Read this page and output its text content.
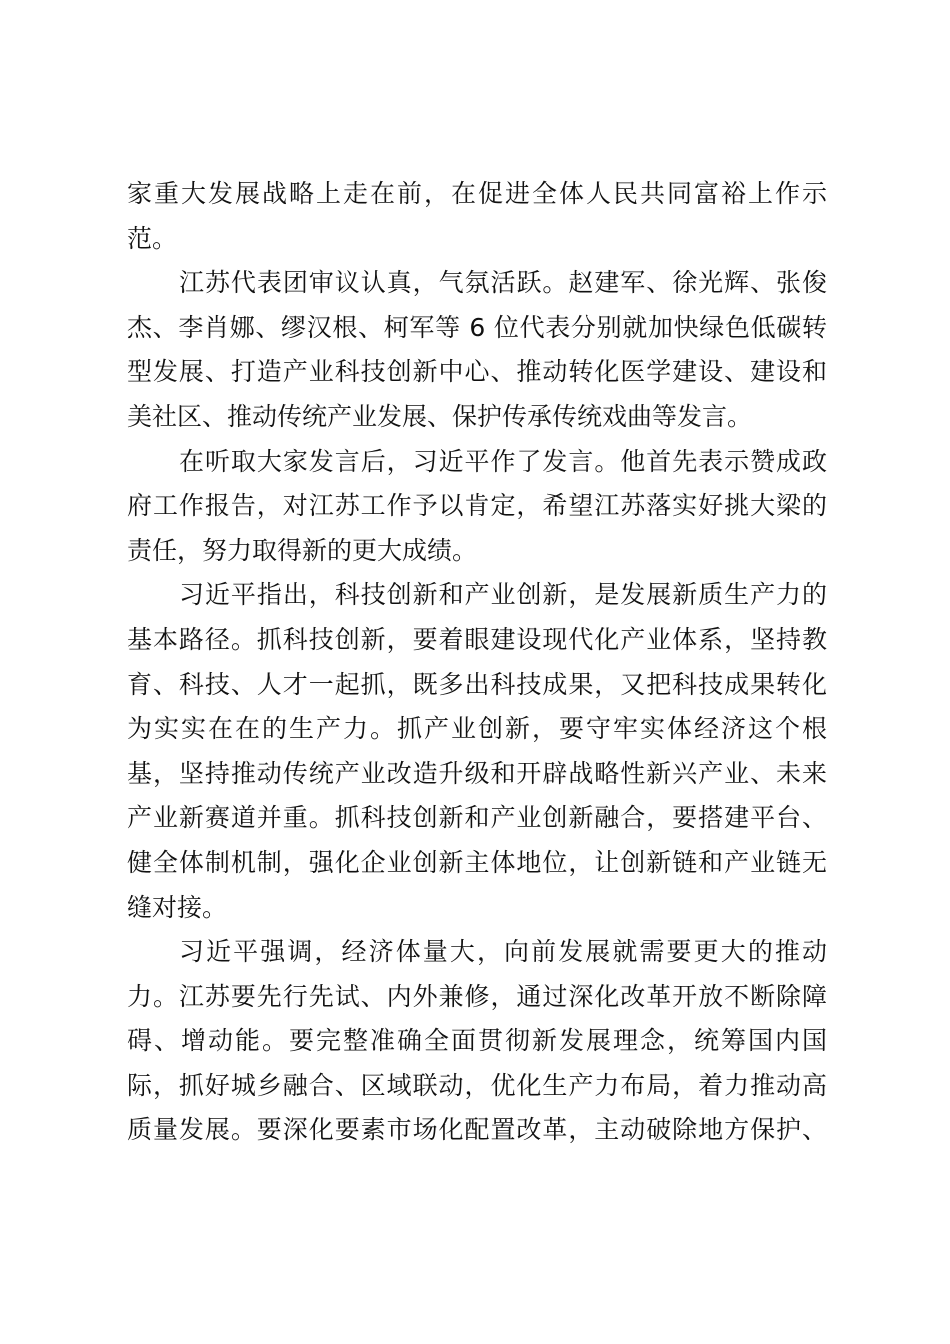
家重大发展战略上走在前，在促进全体人民共同富裕上作示
范。
江苏代表团审议认真，气氛活跃。赵建军、徐光辉、张俊
杰、李肖娜、缪汉根、柯军等 6 位代表分别就加快绿色低碳转
型发展、打造产业科技创新中心、推动转化医学建设、建设和
美社区、推动传统产业发展、保护传承传统戏曲等发言。
在听取大家发言后，习近平作了发言。他首先表示赞成政
府工作报告，对江苏工作予以肯定，希望江苏落实好挑大梁的
责任，努力取得新的更大成绩。
习近平指出，科技创新和产业创新，是发展新质生产力的
基本路径。抓科技创新，要着眼建设现代化产业体系，坚持教
育、科技、人才一起抓，既多出科技成果，又把科技成果转化
为实实在在的生产力。抓产业创新，要守牢实体经济这个根
基，坚持推动传统产业改造升级和开辟战略性新兴产业、未来
产业新赛道并重。抓科技创新和产业创新融合，要搭建平台、
健全体制机制，强化企业创新主体地位，让创新链和产业链无
缝对接。
习近平强调，经济体量大，向前发展就需要更大的推动
力。江苏要先行先试、内外兼修，通过深化改革开放不断除障
碍、增动能。要完整准确全面贯彻新发展理念，统筹国内国
际，抓好城乡融合、区域联动，优化生产力布局，着力推动高
质量发展。要深化要素市场化配置改革，主动破除地方保护、
